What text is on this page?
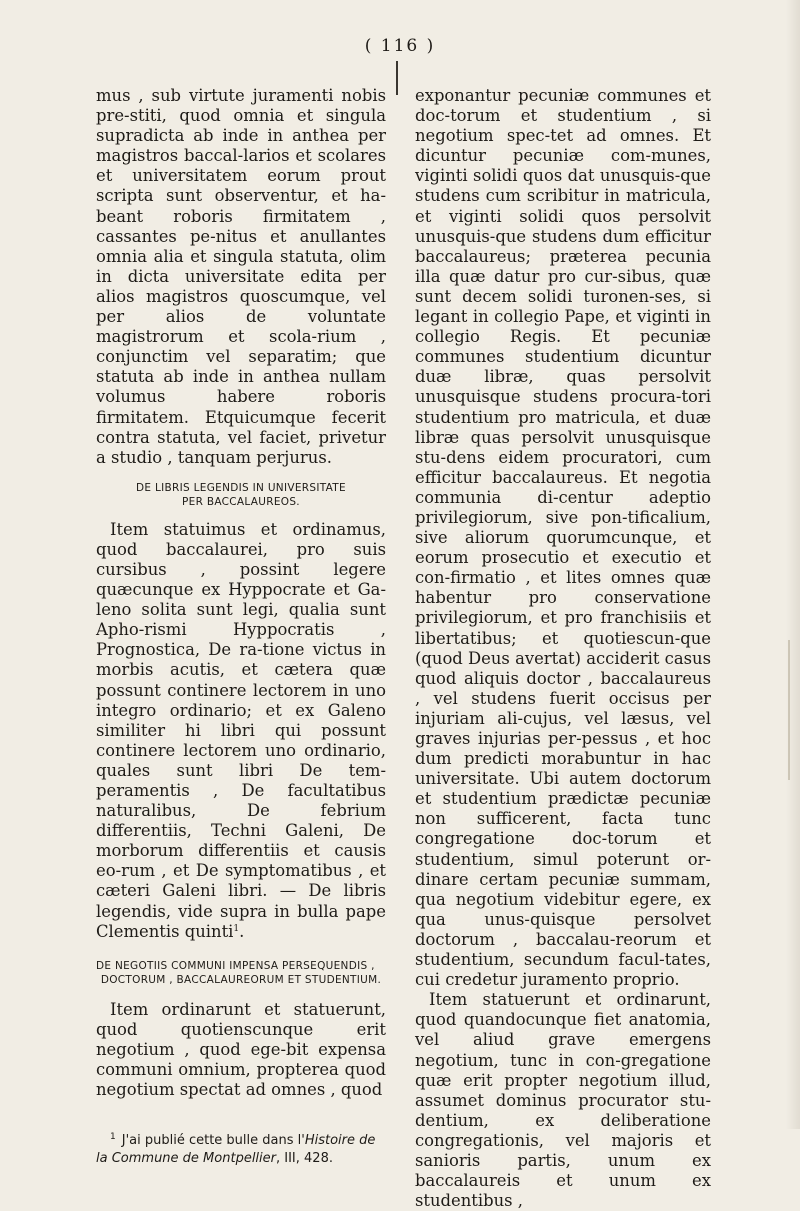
( 116 )

mus , sub virtute juramenti nobis pre-stiti, quod omnia et singula supradicta ab inde in anthea per magistros baccal-larios et scolares et universitatem eorum prout scripta sunt observentur, et ha-beant roboris firmitatem , cassantes pe-nitus et anullantes omnia alia et singula statuta, olim in dicta universitate edita per alios magistros quoscumque, vel per alios de voluntate magistrorum et scola-rium , conjunctim vel separatim; que statuta ab inde in anthea nullam volumus habere roboris firmitatem. Etquicumque fecerit contra statuta, vel faciet, privetur a studio , tanquam perjurus.

DE LIBRIS LEGENDIS IN UNIVERSITATE
PER BACCALAUREOS.

Item statuimus et ordinamus, quod baccalaurei, pro suis cursibus , possint legere quæcunque ex Hyppocrate et Ga-leno solita sunt legi, qualia sunt Apho-rismi Hyppocratis , Prognostica, De ra-tione victus in morbis acutis, et cætera quæ possunt continere lectorem in uno integro ordinario; et ex Galeno similiter hi libri qui possunt continere lectorem uno ordinario, quales sunt libri De tem-peramentis , De facultatibus naturalibus, De febrium differentiis, Techni Galeni, De morborum differentiis et causis eo-rum , et De symptomatibus , et cæteri Galeni libri. — De libris legendis, vide supra in bulla pape Clementis quinti$^1$.

DE NEGOTIIS COMMUNI IMPENSA PERSEQUENDIS ,
DOCTORUM , BACCALAUREORUM ET STUDENTIUM.

Item ordinarunt et statuerunt, quod quotienscunque erit negotium , quod ege-bit expensa communi omnium, propterea quod negotium spectat ad omnes , quod

$^1$ J'ai publié cette bulle dans l'Histoire de la Commune de Montpellier, III, 428.

exponantur pecuniæ communes et doc-torum et studentium , si negotium spec-tet ad omnes. Et dicuntur pecuniæ com-munes, viginti solidi quos dat unusquis-que studens cum scribitur in matricula, et viginti solidi quos persolvit unusquis-que studens dum efficitur baccalaureus; præterea pecunia illa quæ datur pro cur-sibus, quæ sunt decem solidi turonen-ses, si legant in collegio Pape, et viginti in collegio Regis. Et pecuniæ communes studentium dicuntur duæ libræ, quas persolvit unusquisque studens procura-tori studentium pro matricula, et duæ libræ quas persolvit unusquisque stu-dens eidem procuratori, cum efficitur baccalaureus. Et negotia communia di-centur adeptio privilegiorum, sive pon-tificalium, sive aliorum quorumcunque, et eorum prosecutio et executio et con-firmatio , et lites omnes quæ habentur pro conservatione privilegiorum, et pro franchisiis et libertatibus; et quotiescun-que (quod Deus avertat) acciderit casus quod aliquis doctor , baccalaureus , vel studens fuerit occisus per injuriam ali-cujus, vel læsus, vel graves injurias per-pessus , et hoc dum predicti morabuntur in hac universitate. Ubi autem doctorum et studentium prædictæ pecuniæ non sufficerent, facta tunc congregatione doc-torum et studentium, simul poterunt or-dinare certam pecuniæ summam, qua negotium videbitur egere, ex qua unus-quisque persolvet doctorum , baccalau-reorum et studentium, secundum facul-tates, cui credetur juramento proprio.

Item statuerunt et ordinarunt, quod quandocunque fiet anatomia, vel aliud grave emergens negotium, tunc in con-gregatione quæ erit propter negotium illud, assumet dominus procurator stu-dentium, ex deliberatione congregationis, vel majoris et sanioris partis, unum ex baccalaureis et unum ex studentibus ,
